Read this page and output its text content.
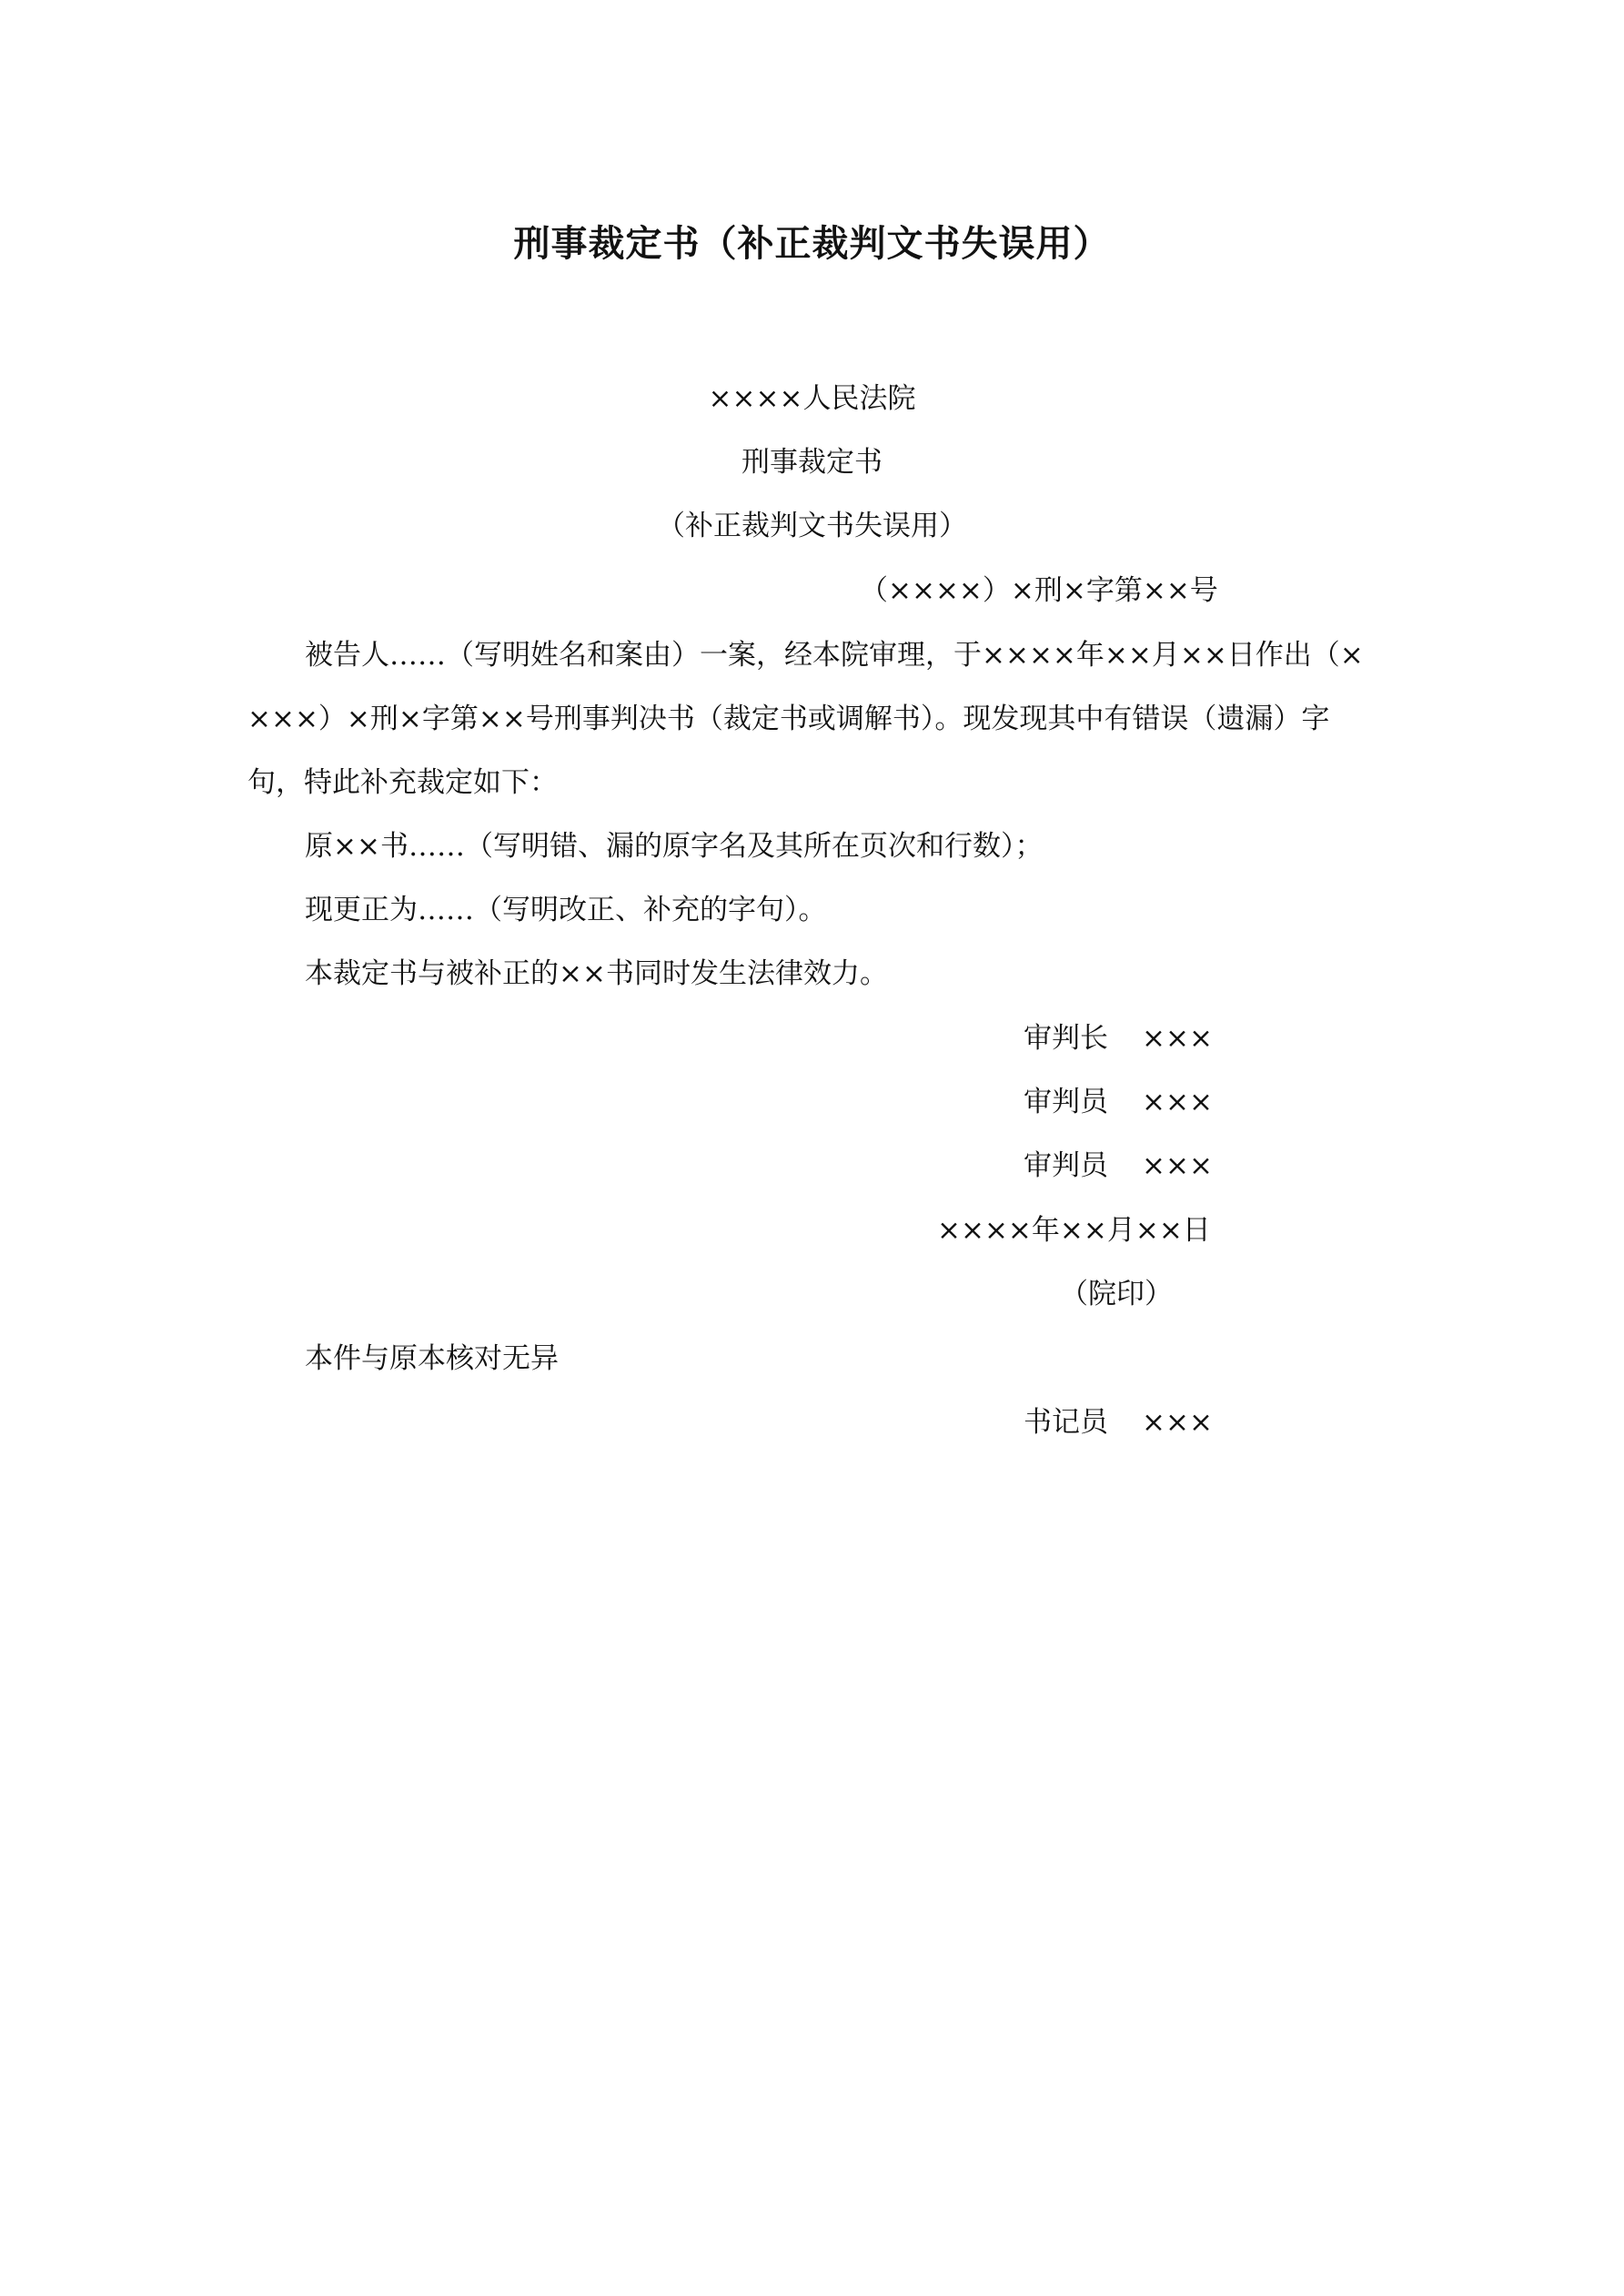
刑事裁定书（补正裁判文书失误用）
××××人民法院
刑事裁定书
（补正裁判文书失误用）
（××××）×刑×字第××号
被告人……（写明姓名和案由）一案，经本院审理，于××××年××月××日作出（×
×××）×刑×字第××号刑事判决书（裁定书或调解书）。现发现其中有错误（遗漏）字
句，特此补充裁定如下：
原××书……（写明错、漏的原字名及其所在页次和行数）；
现更正为……（写明改正、补充的字句）。
本裁定书与被补正的××书同时发生法律效力。
审判长 ×××
审判员 ×××
审判员 ×××
××××年××月××日
（院印）
本件与原本核对无异
书记员 ×××
